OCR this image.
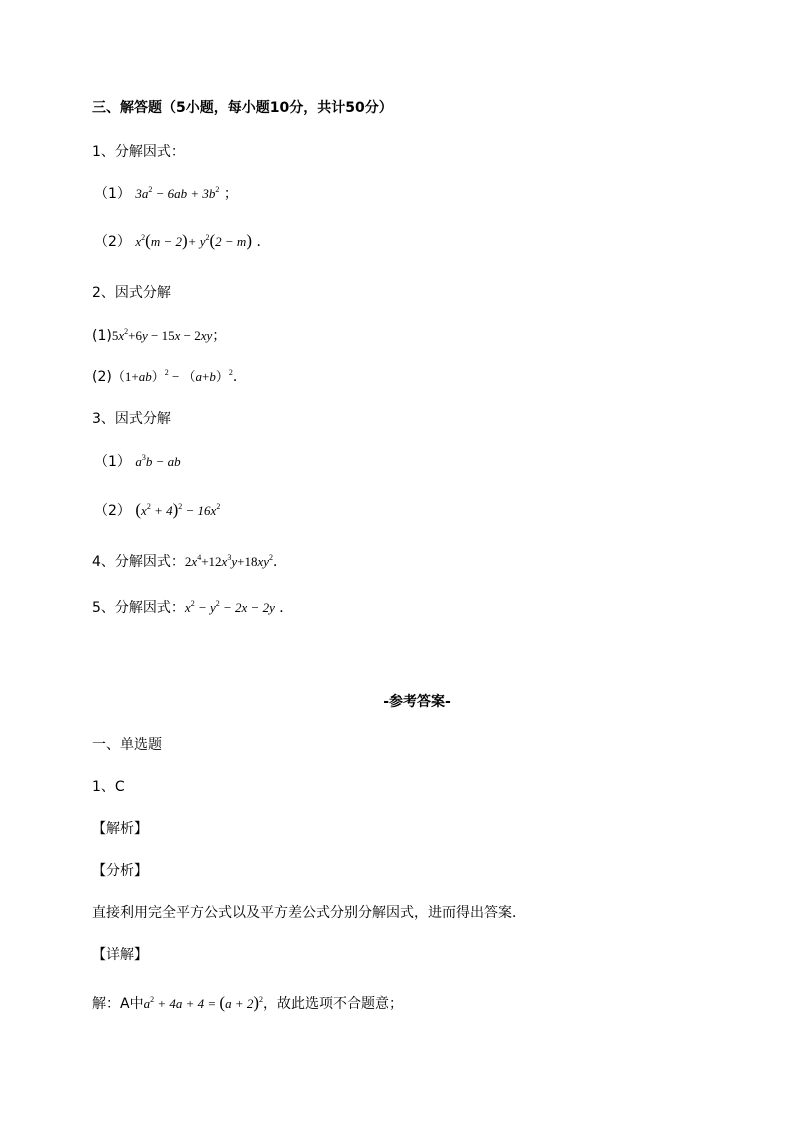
三、解答题（5小题，每小题10分，共计50分）
1、分解因式：
（1） $3a^2 - 6ab + 3b^2$ ；
（2） $x^2(m - 2)+ y^2(2 - m)$ ．
2、因式分解
$(1)5x^2+6y - 15x - 2xy$；
$(2)(1+ab)^2 - (a+b)^2$．
3、因式分解
（1） $a^3b$ − ab
（2） $(x^2 + 4)^2 - 16x^2$
4、分解因式：$2x^4+12x^3y+18xy^2$．
5、分解因式：$x^2 - y^2 - 2x - 2y$ ．
-参考答案-
一、单选题
1、C
【解析】
【分析】
直接利用完全平方公式以及平方差公式分别分解因式，进而得出答案．
【详解】
解：A中$a^2 + 4a + 4 = (a + 2)^2$，故此选项不合题意；
